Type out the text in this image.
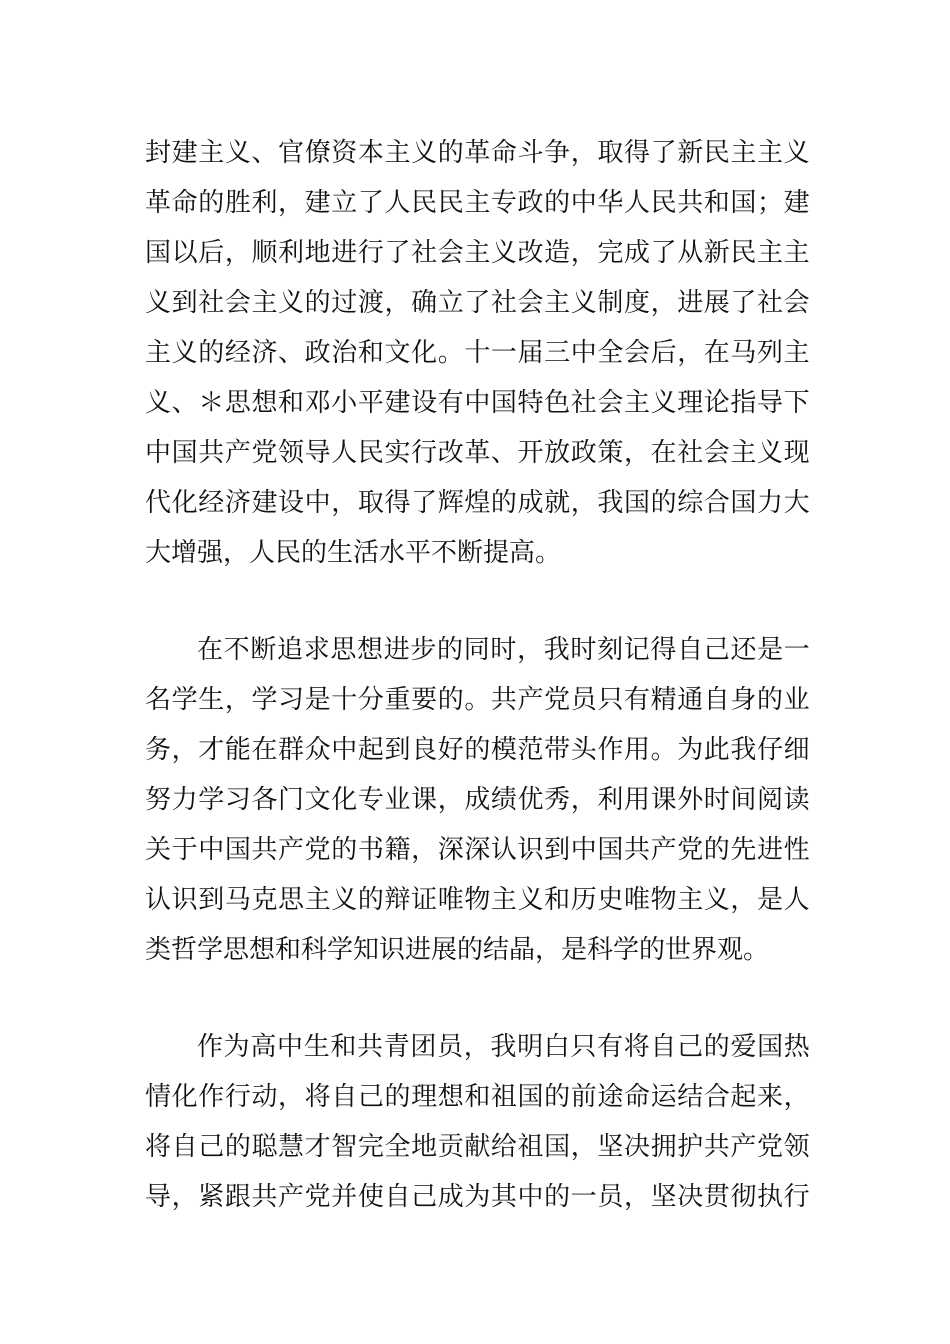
封 建 主 义 、 官 僚 资 本 主 义 的 革 命 斗 争 ， 取 得 了 新 民 主 主 义
革 命 的 胜 利 ， 建 立 了 人 民 民 主 专 政 的 中 华 人 民 共 和 国 ； 建
国 以 后 ， 顺 利 地 进 行 了 社 会 主 义 改 造 ， 完 成 了 从 新 民 主 主
义 到 社 会 主 义 的 过 渡 ， 确 立 了 社 会 主 义 制 度 ， 进 展 了 社 会
主 义 的 经 济 、 政 治 和 文 化 。 十 一 届 三 中 全 会 后 ， 在 马 列 主
义 、 ＊ 思 想 和 邓 小 平 建 设 有 中 国 特 色 社 会 主 义 理 论 指 导 下
中 国 共 产 党 领 导 人 民 实 行 改 革 、 开 放 政 策 ， 在 社 会 主 义 现
代 化 经 济 建 设 中 ， 取 得 了 辉 煌 的 成 就 ， 我 国 的 综 合 国 力 大
大增强，人民的生活水平不断提高。
在 不 断 追 求 思 想 进 步 的 同 时 ， 我 时 刻 记 得 自 己 还 是 一
名 学 生 ， 学 习 是 十 分 重 要 的 。 共 产 党 员 只 有 精 通 自 身 的 业
务 ， 才 能 在 群 众 中 起 到 良 好 的 模 范 带 头 作 用 。 为 此 我 仔 细
努 力 学 习 各 门 文 化 专 业 课 ， 成 绩 优 秀 ， 利 用 课 外 时 间 阅 读
关 于 中 国 共 产 党 的 书 籍 ， 深 深 认 识 到 中 国 共 产 党 的 先 进 性
认 识 到 马 克 思 主 义 的 辩 证 唯 物 主 义 和 历 史 唯 物 主 义 ， 是 人
类哲学思想和科学知识进展的结晶，是科学的世界观。
作 为 高 中 生 和 共 青 团 员 ， 我 明 白 只 有 将 自 己 的 爱 国 热
情 化 作 行 动 ， 将 自 己 的 理 想 和 祖 国 的 前 途 命 运 结 合 起 来 ，
将 自 己 的 聪 慧 才 智 完 全 地 贡 献 给 祖 国 ， 坚 决 拥 护 共 产 党 领
导 ， 紧 跟 共 产 党 并 使 自 己 成 为 其 中 的 一 员 ， 坚 决 贯 彻 执 行
